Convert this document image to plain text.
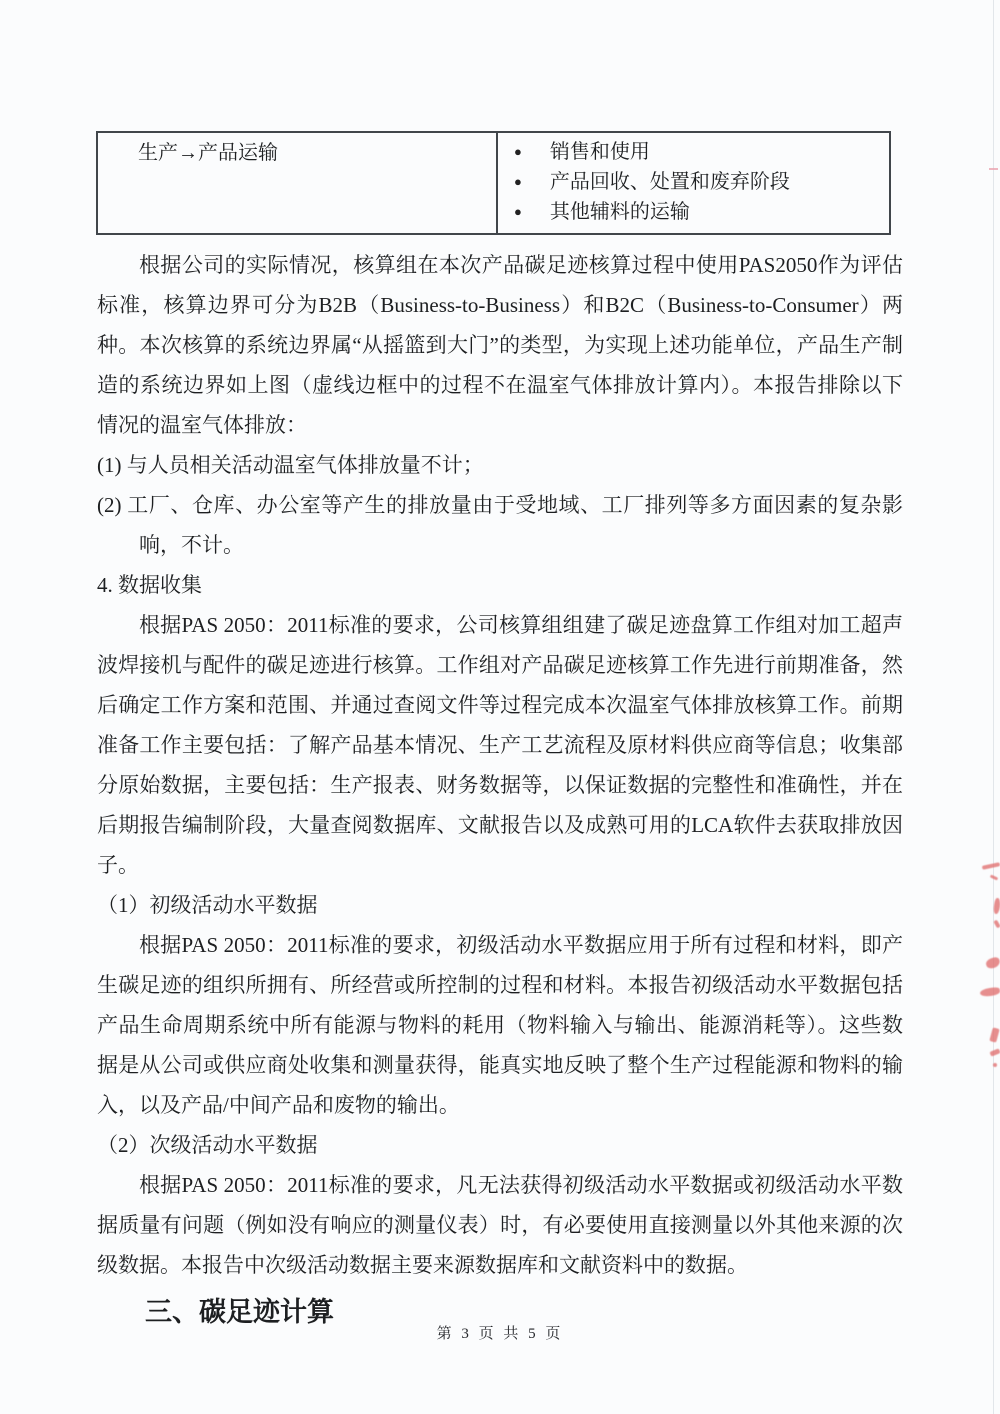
生产→产品运输	● 销售和使用
● 产品回收、处置和废弃阶段
● 其他辅料的运输

根据公司的实际情况，核算组在本次产品碳足迹核算过程中使用PAS2050作为评估标准，核算边界可分为B2B（Business-to-Business）和B2C（Business-to-Consumer）两种。本次核算的系统边界属“从摇篮到大门”的类型，为实现上述功能单位，产品生产制造的系统边界如上图（虚线边框中的过程不在温室气体排放计算内）。本报告排除以下情况的温室气体排放：

(1) 与人员相关活动温室气体排放量不计；

(2) 工厂、仓库、办公室等产生的排放量由于受地域、工厂排列等多方面因素的复杂影响，不计。

4. 数据收集

根据PAS 2050：2011标准的要求，公司核算组组建了碳足迹盘算工作组对加工超声波焊接机与配件的碳足迹进行核算。工作组对产品碳足迹核算工作先进行前期准备，然后确定工作方案和范围、并通过查阅文件等过程完成本次温室气体排放核算工作。前期准备工作主要包括：了解产品基本情况、生产工艺流程及原材料供应商等信息；收集部分原始数据，主要包括：生产报表、财务数据等，以保证数据的完整性和准确性，并在后期报告编制阶段，大量查阅数据库、文献报告以及成熟可用的LCA软件去获取排放因子。

（1）初级活动水平数据

根据PAS 2050：2011标准的要求，初级活动水平数据应用于所有过程和材料，即产生碳足迹的组织所拥有、所经营或所控制的过程和材料。本报告初级活动水平数据包括产品生命周期系统中所有能源与物料的耗用（物料输入与输出、能源消耗等）。这些数据是从公司或供应商处收集和测量获得，能真实地反映了整个生产过程能源和物料的输入，以及产品/中间产品和废物的输出。

（2）次级活动水平数据

根据PAS 2050：2011标准的要求，凡无法获得初级活动水平数据或初级活动水平数据质量有问题（例如没有响应的测量仪表）时，有必要使用直接测量以外其他来源的次级数据。本报告中次级活动数据主要来源数据库和文献资料中的数据。

三、碳足迹计算

第 3 页 共 5 页
